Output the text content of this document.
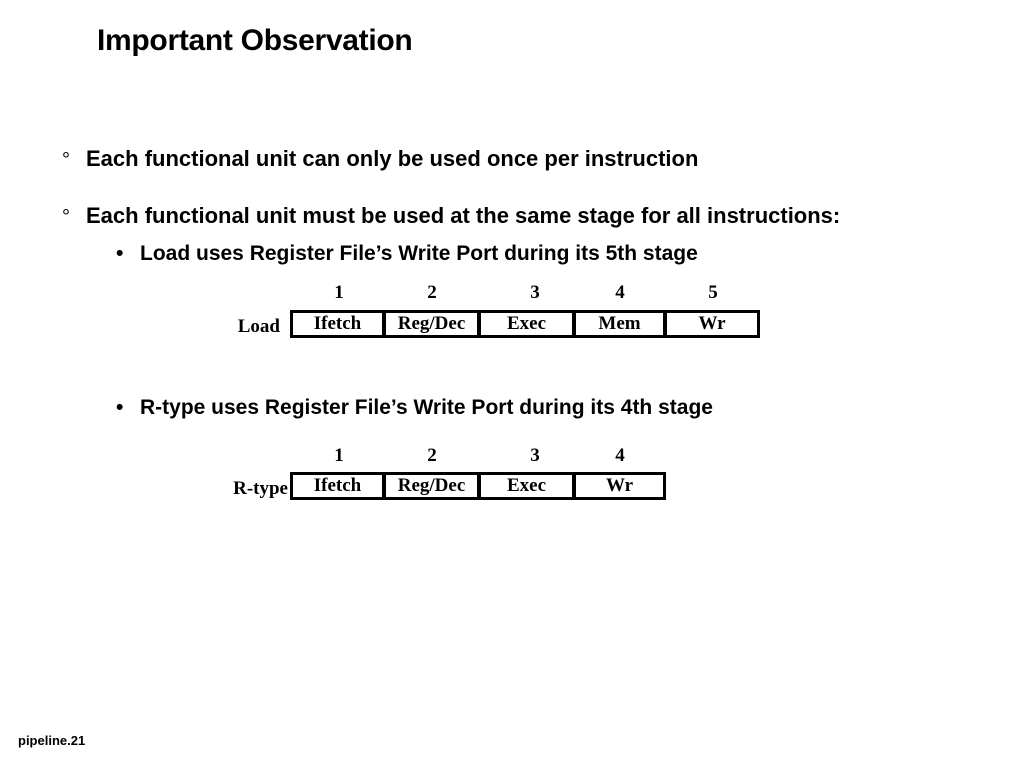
Important Observation
° Each functional unit can only be used once per instruction
° Each functional unit must be used at the same stage for all instructions:
• Load uses Register File’s Write Port during its 5th stage
1	2	3	4	5
Load	Ifetch	Reg/Dec	Exec	Mem	Wr
• R-type uses Register File’s Write Port during its 4th stage
1	2	3	4
R-type	Ifetch	Reg/Dec	Exec	Wr
pipeline.21
